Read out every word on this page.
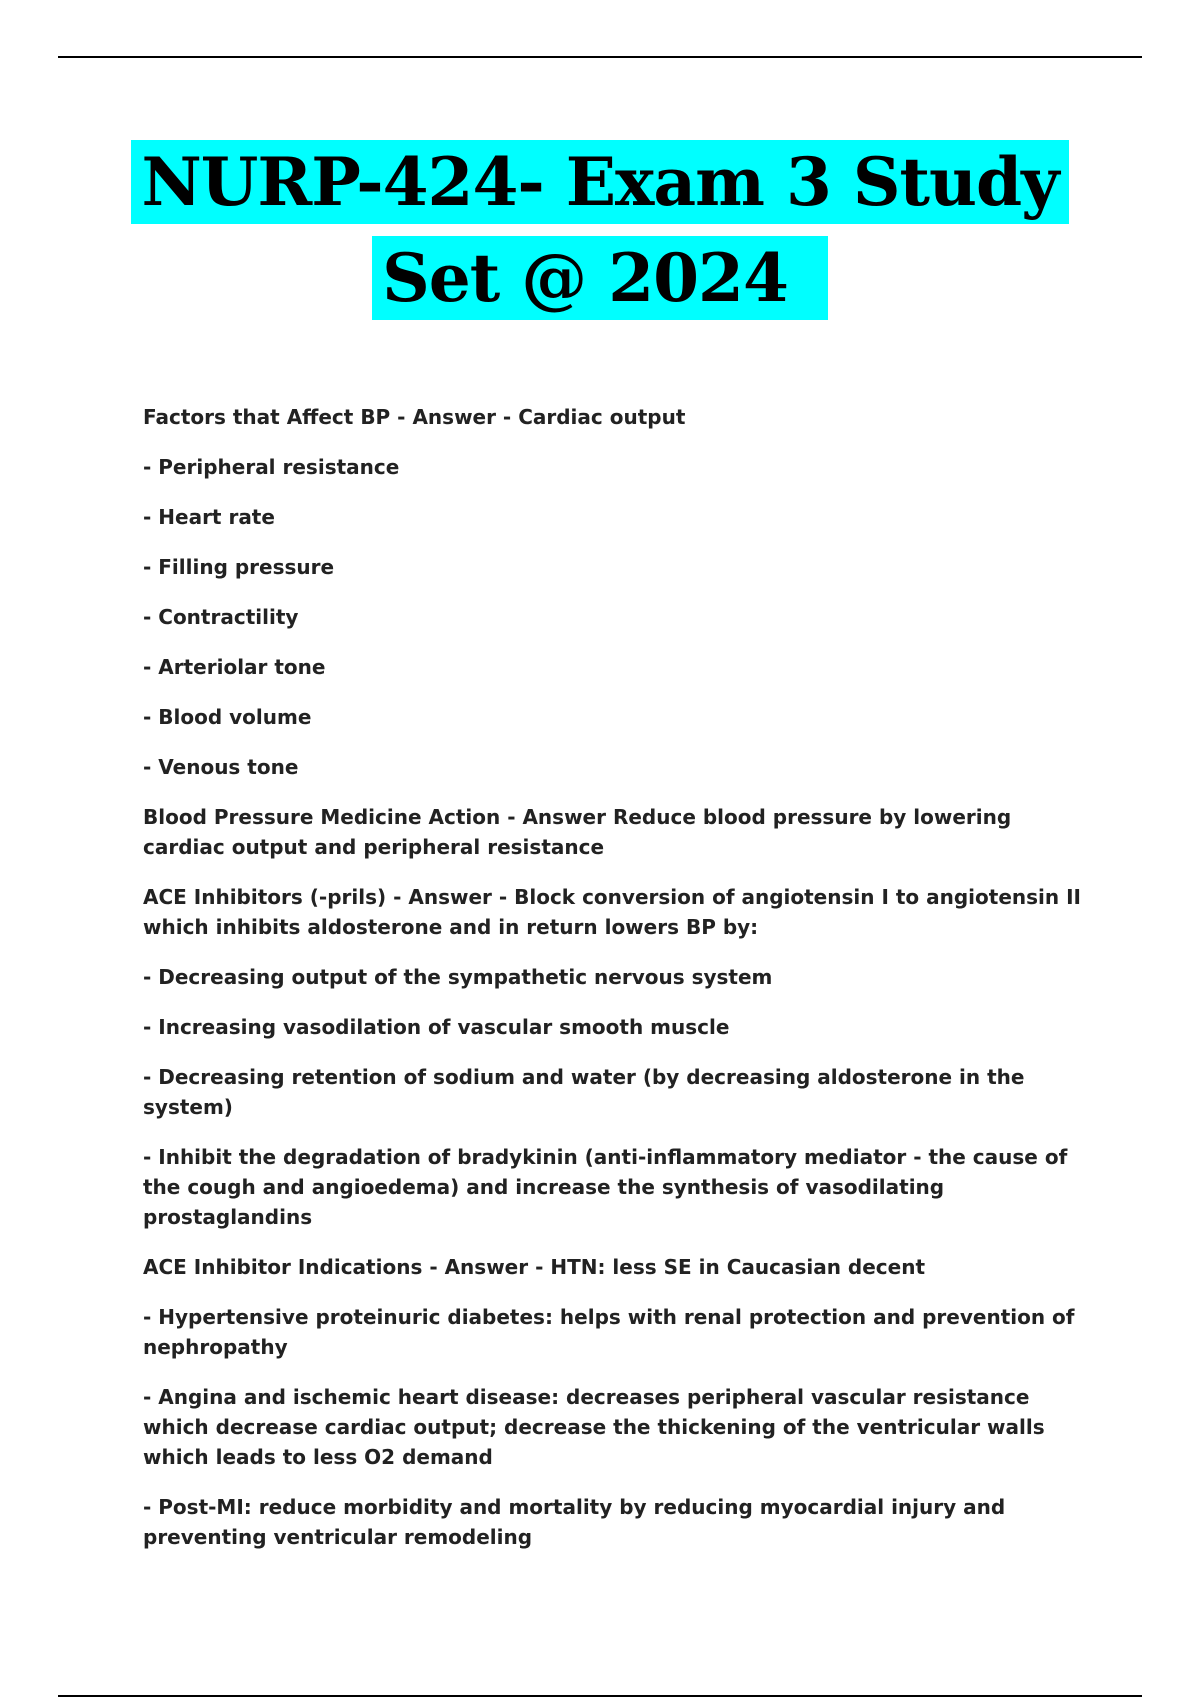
NURP-424- Exam 3 Study
Set @ 2024

Factors that Affect BP - Answer - Cardiac output

- Peripheral resistance

- Heart rate

- Filling pressure

- Contractility

- Arteriolar tone

- Blood volume

- Venous tone

Blood Pressure Medicine Action - Answer Reduce blood pressure by lowering cardiac output and peripheral resistance

ACE Inhibitors (-prils) - Answer - Block conversion of angiotensin I to angiotensin II which inhibits aldosterone and in return lowers BP by:

- Decreasing output of the sympathetic nervous system

- Increasing vasodilation of vascular smooth muscle

- Decreasing retention of sodium and water (by decreasing aldosterone in the system)

- Inhibit the degradation of bradykinin (anti-inflammatory mediator - the cause of the cough and angioedema) and increase the synthesis of vasodilating prostaglandins

ACE Inhibitor Indications - Answer - HTN: less SE in Caucasian decent

- Hypertensive proteinuric diabetes: helps with renal protection and prevention of nephropathy

- Angina and ischemic heart disease: decreases peripheral vascular resistance which decrease cardiac output; decrease the thickening of the ventricular walls which leads to less O2 demand

- Post-MI: reduce morbidity and mortality by reducing myocardial injury and preventing ventricular remodeling
